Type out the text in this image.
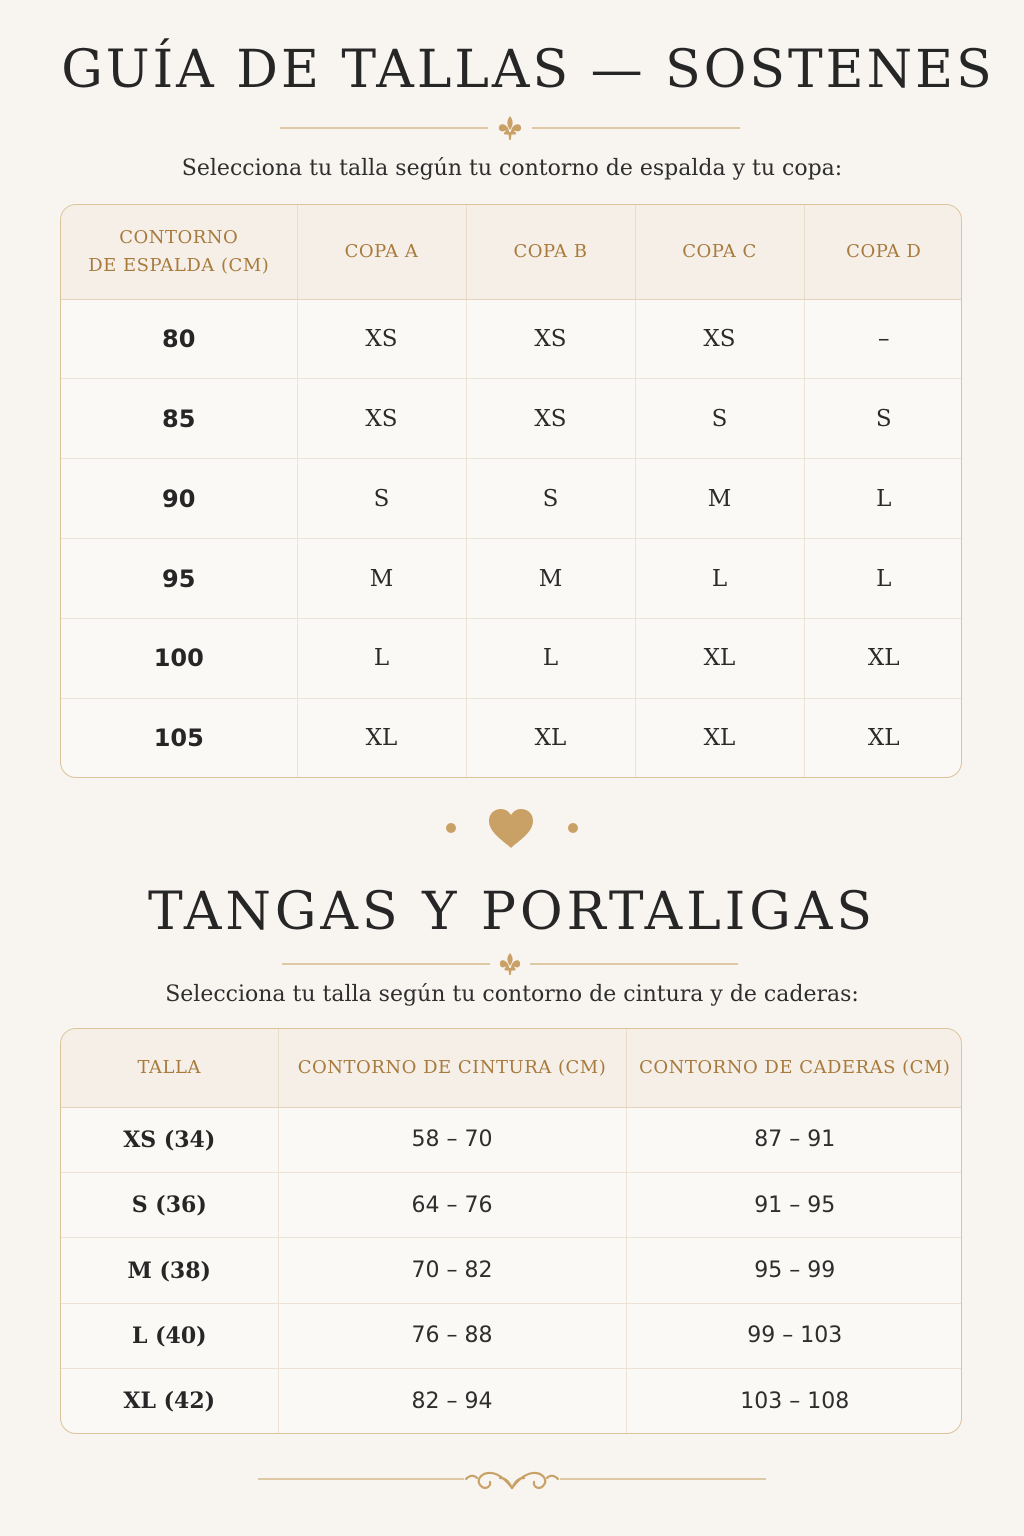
GUÍA DE TALLAS — SOSTENES
Selecciona tu talla según tu contorno de espalda y tu copa:
CONTORNO
DE ESPALDA (CM)	COPA A	COPA B	COPA C	COPA D
80	XS	XS	XS	–
85	XS	XS	S	S
90	S	S	M	L
95	M	M	L	L
100	L	L	XL	XL
105	XL	XL	XL	XL
TANGAS Y PORTALIGAS
Selecciona tu talla según tu contorno de cintura y de caderas:
TALLA	CONTORNO DE CINTURA (CM)	CONTORNO DE CADERAS (CM)
XS (34)	58 – 70	87 – 91
S (36)	64 – 76	91 – 95
M (38)	70 – 82	95 – 99
L (40)	76 – 88	99 – 103
XL (42)	82 – 94	103 – 108
